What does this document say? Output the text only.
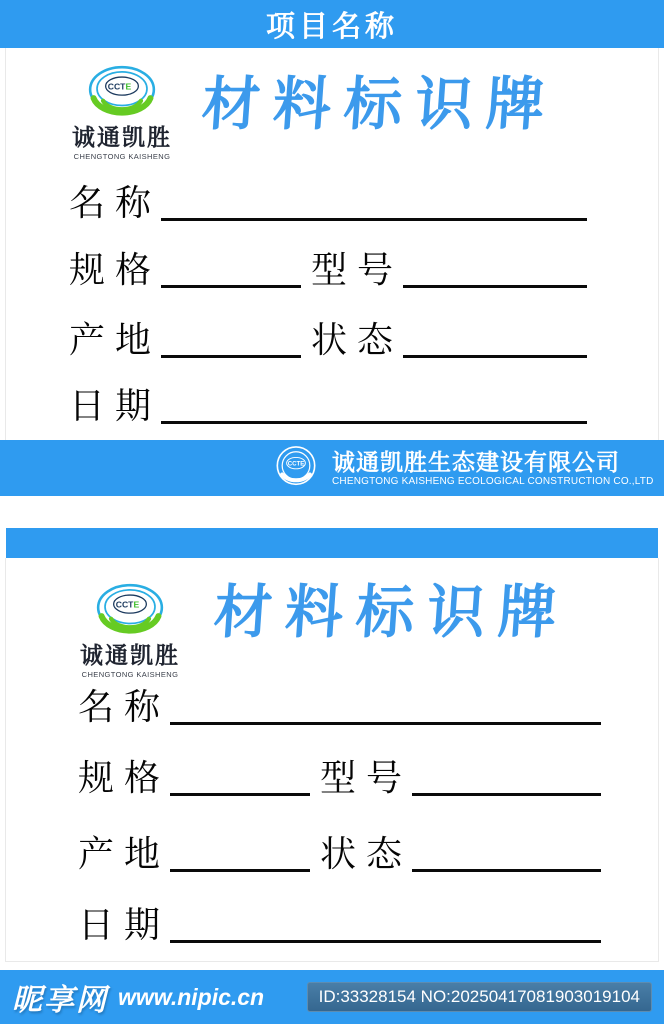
项目名称
CCT E
诚通凯胜
CHENGTONG KAISHENG
材料标识牌
名称
规格	型号
产地	状态
日期
CCTE 诚通凯胜生态建设有限公司
CHENGTONG KAISHENG ECOLOGICAL CONSTRUCTION CO.,LTD
CCT E
诚通凯胜
CHENGTONG KAISHENG
材料标识牌
名称
规格	型号
产地	状态
日期
昵享网 www.nipic.cn	ID:33328154 NO:20250417081903019104
